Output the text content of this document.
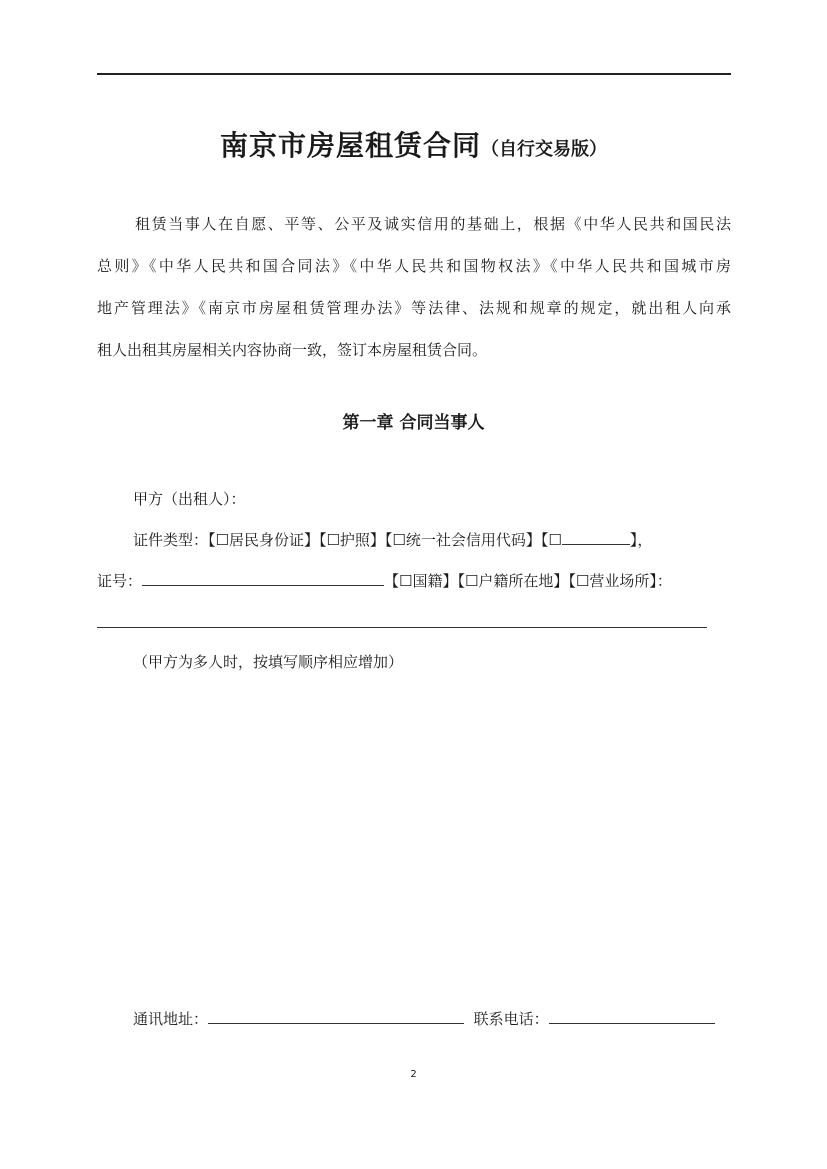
南京市房屋租赁合同（自行交易版）
租赁当事人在自愿、平等、公平及诚实信用的基础上，根据《中华人民共和国民法
总则》《中华人民共和国合同法》《中华人民共和国物权法》《中华人民共和国城市房
地产管理法》《南京市房屋租赁管理办法》等法律、法规和规章的规定，就出租人向承
租人出租其房屋相关内容协商一致，签订本房屋租赁合同。
第一章 合同当事人
甲方（出租人）：
证件类型：【☐居民身份证】【☐护照】【☐统一社会信用代码】【☐	】，
证号：	【☐国籍】【☐户籍所在地】【☐营业场所】：
（甲方为多人时，按填写顺序相应增加）
通讯地址：	联系电话：
2
